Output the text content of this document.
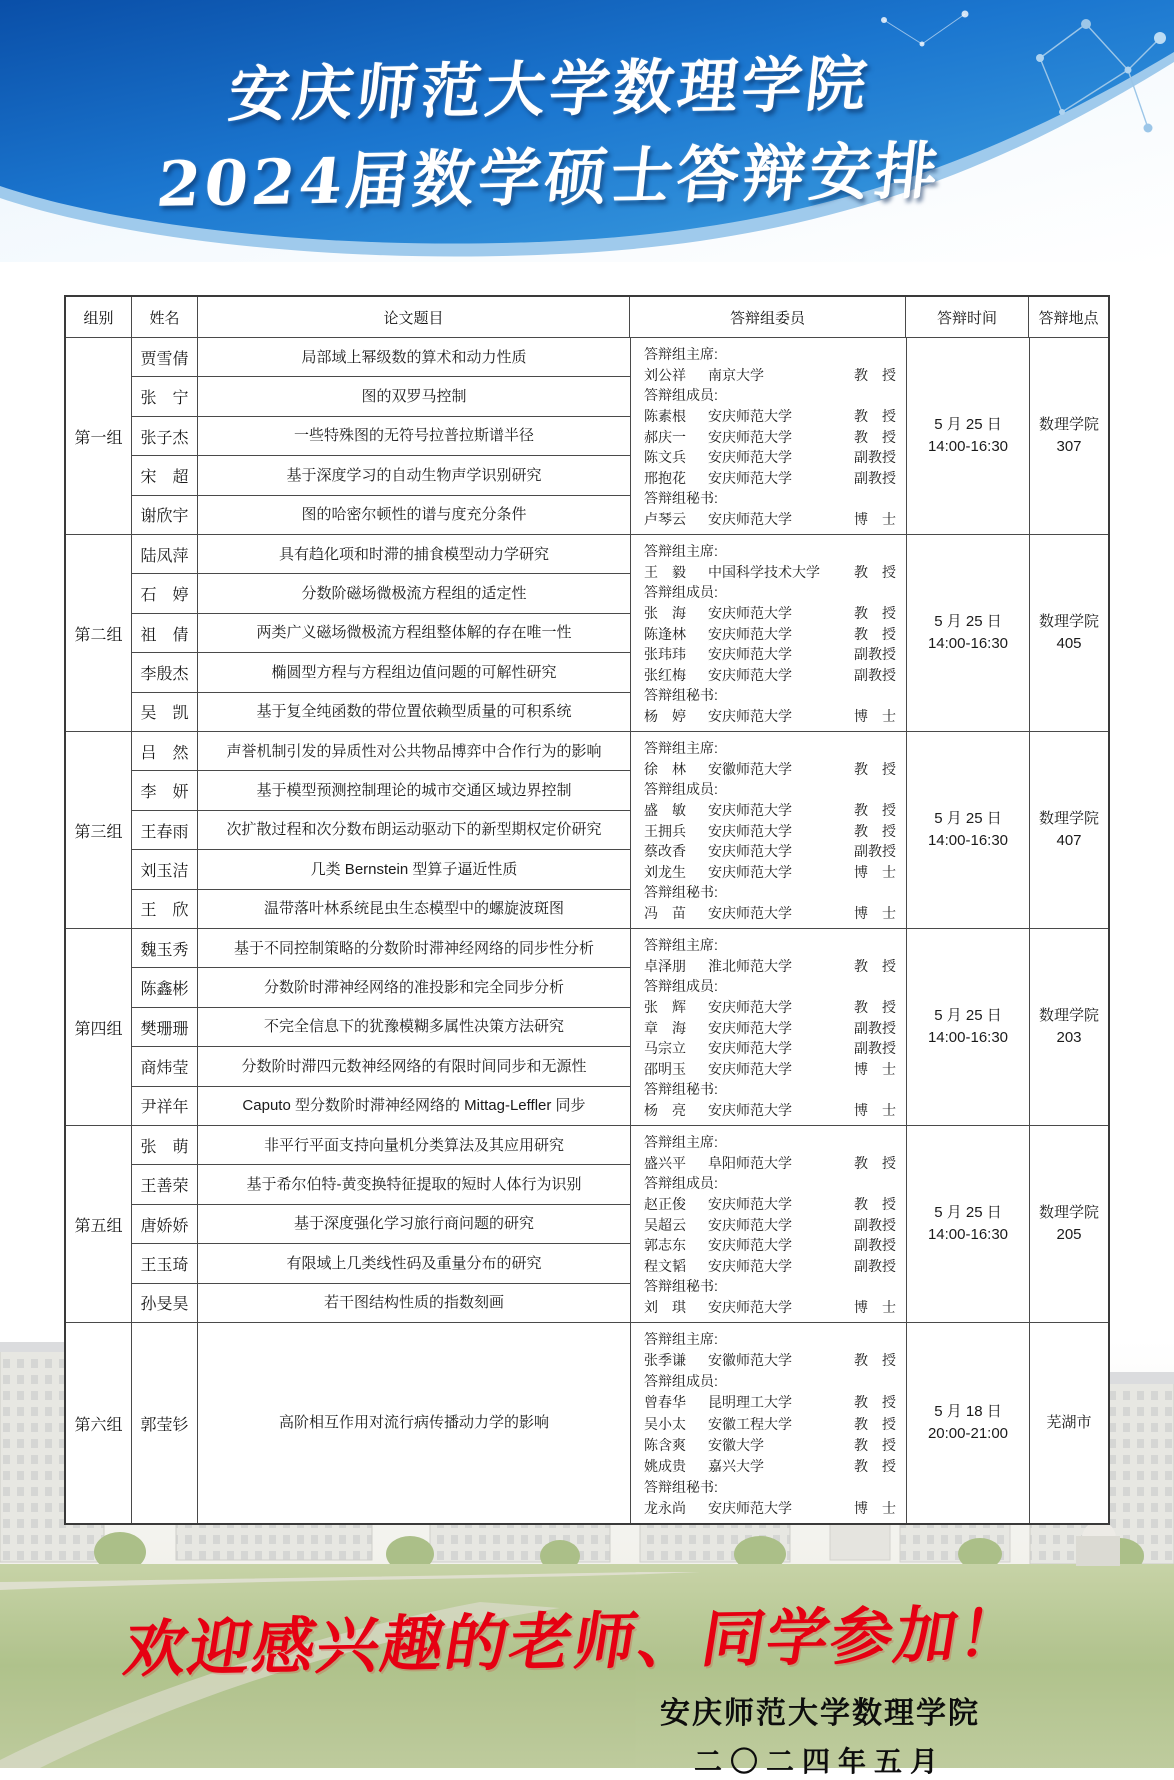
安庆师范大学数理学院
2024届数学硕士答辩安排
组别	姓名	论文题目	答辩组委员	答辩时间	答辩地点
第一组
贾雪倩	局部域上幂级数的算术和动力性质
张　宁	图的双罗马控制
张子杰	一些特殊图的无符号拉普拉斯谱半径
宋　超	基于深度学习的自动生物声学识别研究
谢欣宇	图的哈密尔顿性的谱与度充分条件
答辩组主席:
刘公祥	南京大学	教　授
答辩组成员:
陈素根	安庆师范大学	教　授
郝庆一	安庆师范大学	教　授
陈文兵	安庆师范大学	副教授
邢抱花	安庆师范大学	副教授
答辩组秘书:
卢琴云	安庆师范大学	博　士
5 月 25 日
14:00-16:30
数理学院
307
第二组
陆凤萍	具有趋化项和时滞的捕食模型动力学研究
石　婷	分数阶磁场微极流方程组的适定性
祖　倩	两类广义磁场微极流方程组整体解的存在唯一性
李殷杰	椭圆型方程与方程组边值问题的可解性研究
吴　凯	基于复全纯函数的带位置依赖型质量的可积系统
答辩组主席:
王　毅	中国科学技术大学	教　授
答辩组成员:
张　海	安庆师范大学	教　授
陈逢林	安庆师范大学	教　授
张玮玮	安庆师范大学	副教授
张红梅	安庆师范大学	副教授
答辩组秘书:
杨　婷	安庆师范大学	博　士
5 月 25 日
14:00-16:30
数理学院
405
第三组
吕　然	声誉机制引发的异质性对公共物品博弈中合作行为的影响
李　妍	基于模型预测控制理论的城市交通区域边界控制
王春雨	次扩散过程和次分数布朗运动驱动下的新型期权定价研究
刘玉洁	几类 Bernstein 型算子逼近性质
王　欣	温带落叶林系统昆虫生态模型中的螺旋波斑图
答辩组主席:
徐　林	安徽师范大学	教　授
答辩组成员:
盛　敏	安庆师范大学	教　授
王拥兵	安庆师范大学	教　授
蔡改香	安庆师范大学	副教授
刘龙生	安庆师范大学	博　士
答辩组秘书:
冯　苗	安庆师范大学	博　士
5 月 25 日
14:00-16:30
数理学院
407
第四组
魏玉秀	基于不同控制策略的分数阶时滞神经网络的同步性分析
陈鑫彬	分数阶时滞神经网络的准投影和完全同步分析
樊珊珊	不完全信息下的犹豫模糊多属性决策方法研究
商炜莹	分数阶时滞四元数神经网络的有限时间同步和无源性
尹祥年	Caputo 型分数阶时滞神经网络的 Mittag-Leffler 同步
答辩组主席:
卓泽朋	淮北师范大学	教　授
答辩组成员:
张　辉	安庆师范大学	教　授
章　海	安庆师范大学	副教授
马宗立	安庆师范大学	副教授
邵明玉	安庆师范大学	博　士
答辩组秘书:
杨　亮	安庆师范大学	博　士
5 月 25 日
14:00-16:30
数理学院
203
第五组
张　萌	非平行平面支持向量机分类算法及其应用研究
王善荣	基于希尔伯特-黄变换特征提取的短时人体行为识别
唐娇娇	基于深度强化学习旅行商问题的研究
王玉琦	有限域上几类线性码及重量分布的研究
孙旻昊	若干图结构性质的指数刻画
答辩组主席:
盛兴平	阜阳师范大学	教　授
答辩组成员:
赵正俊	安庆师范大学	教　授
吴超云	安庆师范大学	副教授
郭志东	安庆师范大学	副教授
程文韬	安庆师范大学	副教授
答辩组秘书:
刘　琪	安庆师范大学	博　士
5 月 25 日
14:00-16:30
数理学院
205
第六组	郭莹钐	高阶相互作用对流行病传播动力学的影响
答辩组主席:
张季谦	安徽师范大学	教　授
答辩组成员:
曾春华	昆明理工大学	教　授
吴小太	安徽工程大学	教　授
陈含爽	安徽大学	教　授
姚成贵	嘉兴大学	教　授
答辩组秘书:
龙永尚	安庆师范大学	博　士
5 月 18 日
20:00-21:00
芜湖市
欢迎感兴趣的老师、同学参加！
安庆师范大学数理学院
二〇二四年五月
